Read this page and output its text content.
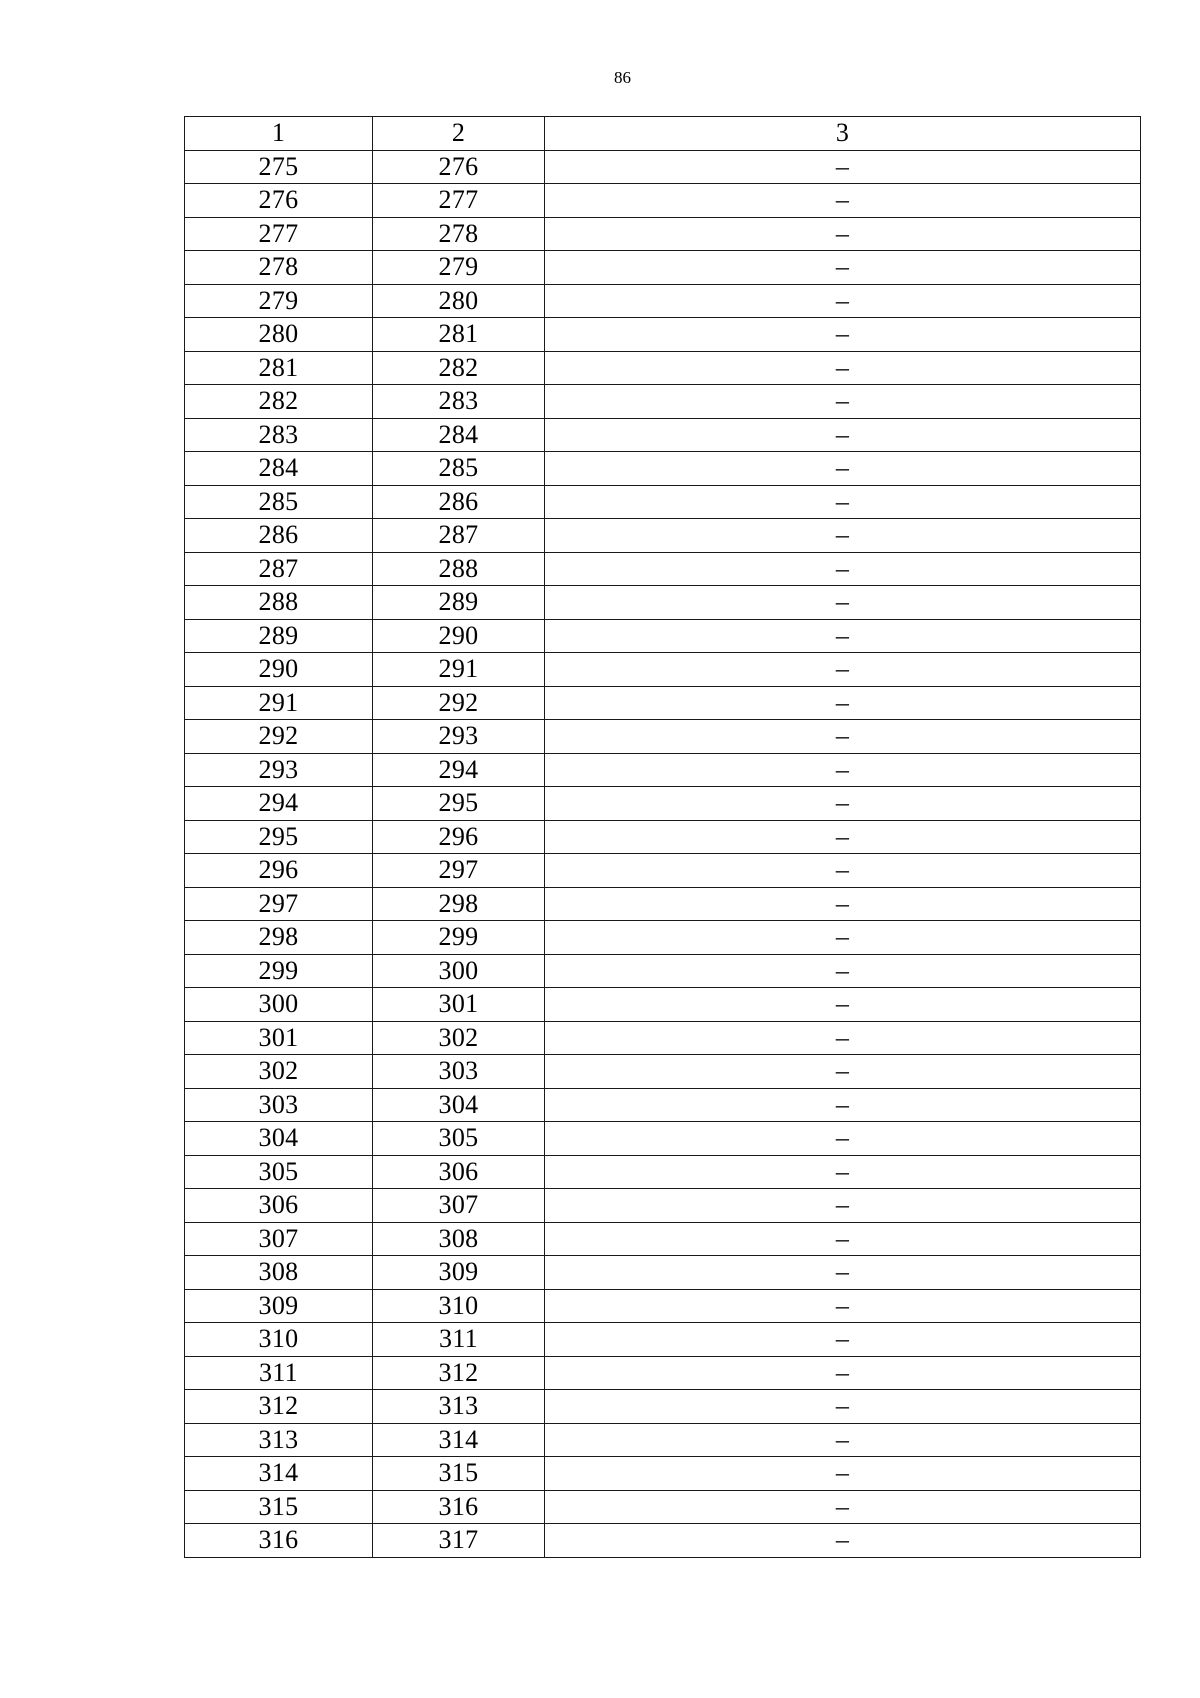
86
1	2	3
275	276	–
276	277	–
277	278	–
278	279	–
279	280	–
280	281	–
281	282	–
282	283	–
283	284	–
284	285	–
285	286	–
286	287	–
287	288	–
288	289	–
289	290	–
290	291	–
291	292	–
292	293	–
293	294	–
294	295	–
295	296	–
296	297	–
297	298	–
298	299	–
299	300	–
300	301	–
301	302	–
302	303	–
303	304	–
304	305	–
305	306	–
306	307	–
307	308	–
308	309	–
309	310	–
310	311	–
311	312	–
312	313	–
313	314	–
314	315	–
315	316	–
316	317	–
